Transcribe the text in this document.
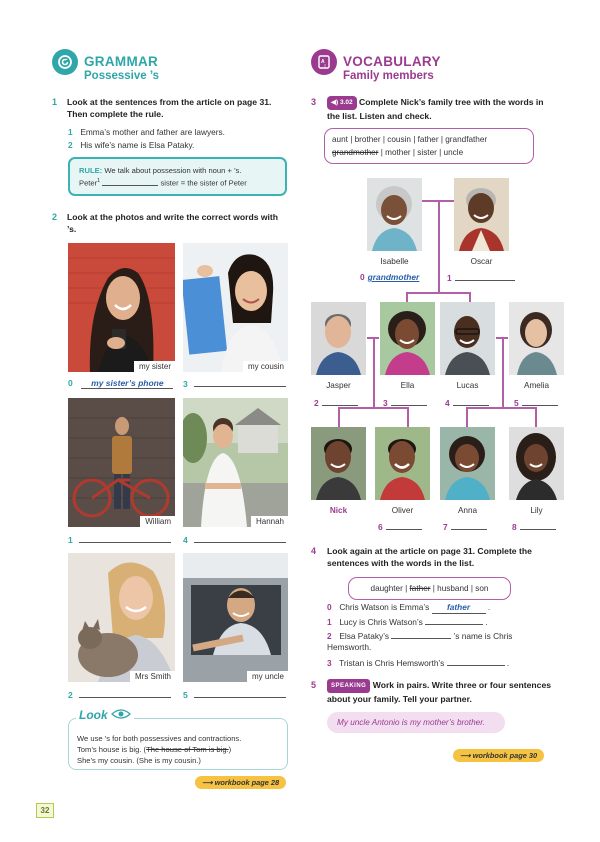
GRAMMAR
Possessive ’s
1 Look at the sentences from the article on page 31. Then complete the rule.
1 Emma’s mother and father are lawyers.
2 His wife’s name is Elsa Pataky.
RULE: We talk about possession with noun + ’s.
Peter$^1$	sister = the sister of Peter
2 Look at the photos and write the correct words with ’s.
my sister	my cousin
0 my sister’s phone	3
William	Hannah
1	4
Mrs Smith	my uncle
2	5
We use ’s for both possessives and contractions.
Tom’s house is big. (The house of Tom is big.)
She’s my cousin. (She is my cousin.)
Look
⟶ workbook page 28
32
A z VOCABULARY
Family members
3	◀) 3.02 Complete Nick’s family tree with the words in the list. Listen and check.
aunt | brother | cousin | father | grandfather
grandmother | mother | sister | uncle
Isabelle	Oscar
0 grandmother	1
Jasper	Ella	Lucas	Amelia
2	3	4	5
Nick	Oliver	Anna	Lily
6	7	8
4 Look again at the article on page 31. Complete the sentences with the words in the list.
daughter | father | husband | son
0 Chris Watson is Emma’s father .
1 Lucy is Chris Watson’s	.
2 Elsa Pataky’s	’s name is Chris Hemsworth.
3 Tristan is Chris Hemsworth’s	.
5	SPEAKING Work in pairs. Write three or four sentences about your family. Tell your partner.
My uncle Antonio is my mother’s brother.
⟶ workbook page 30
